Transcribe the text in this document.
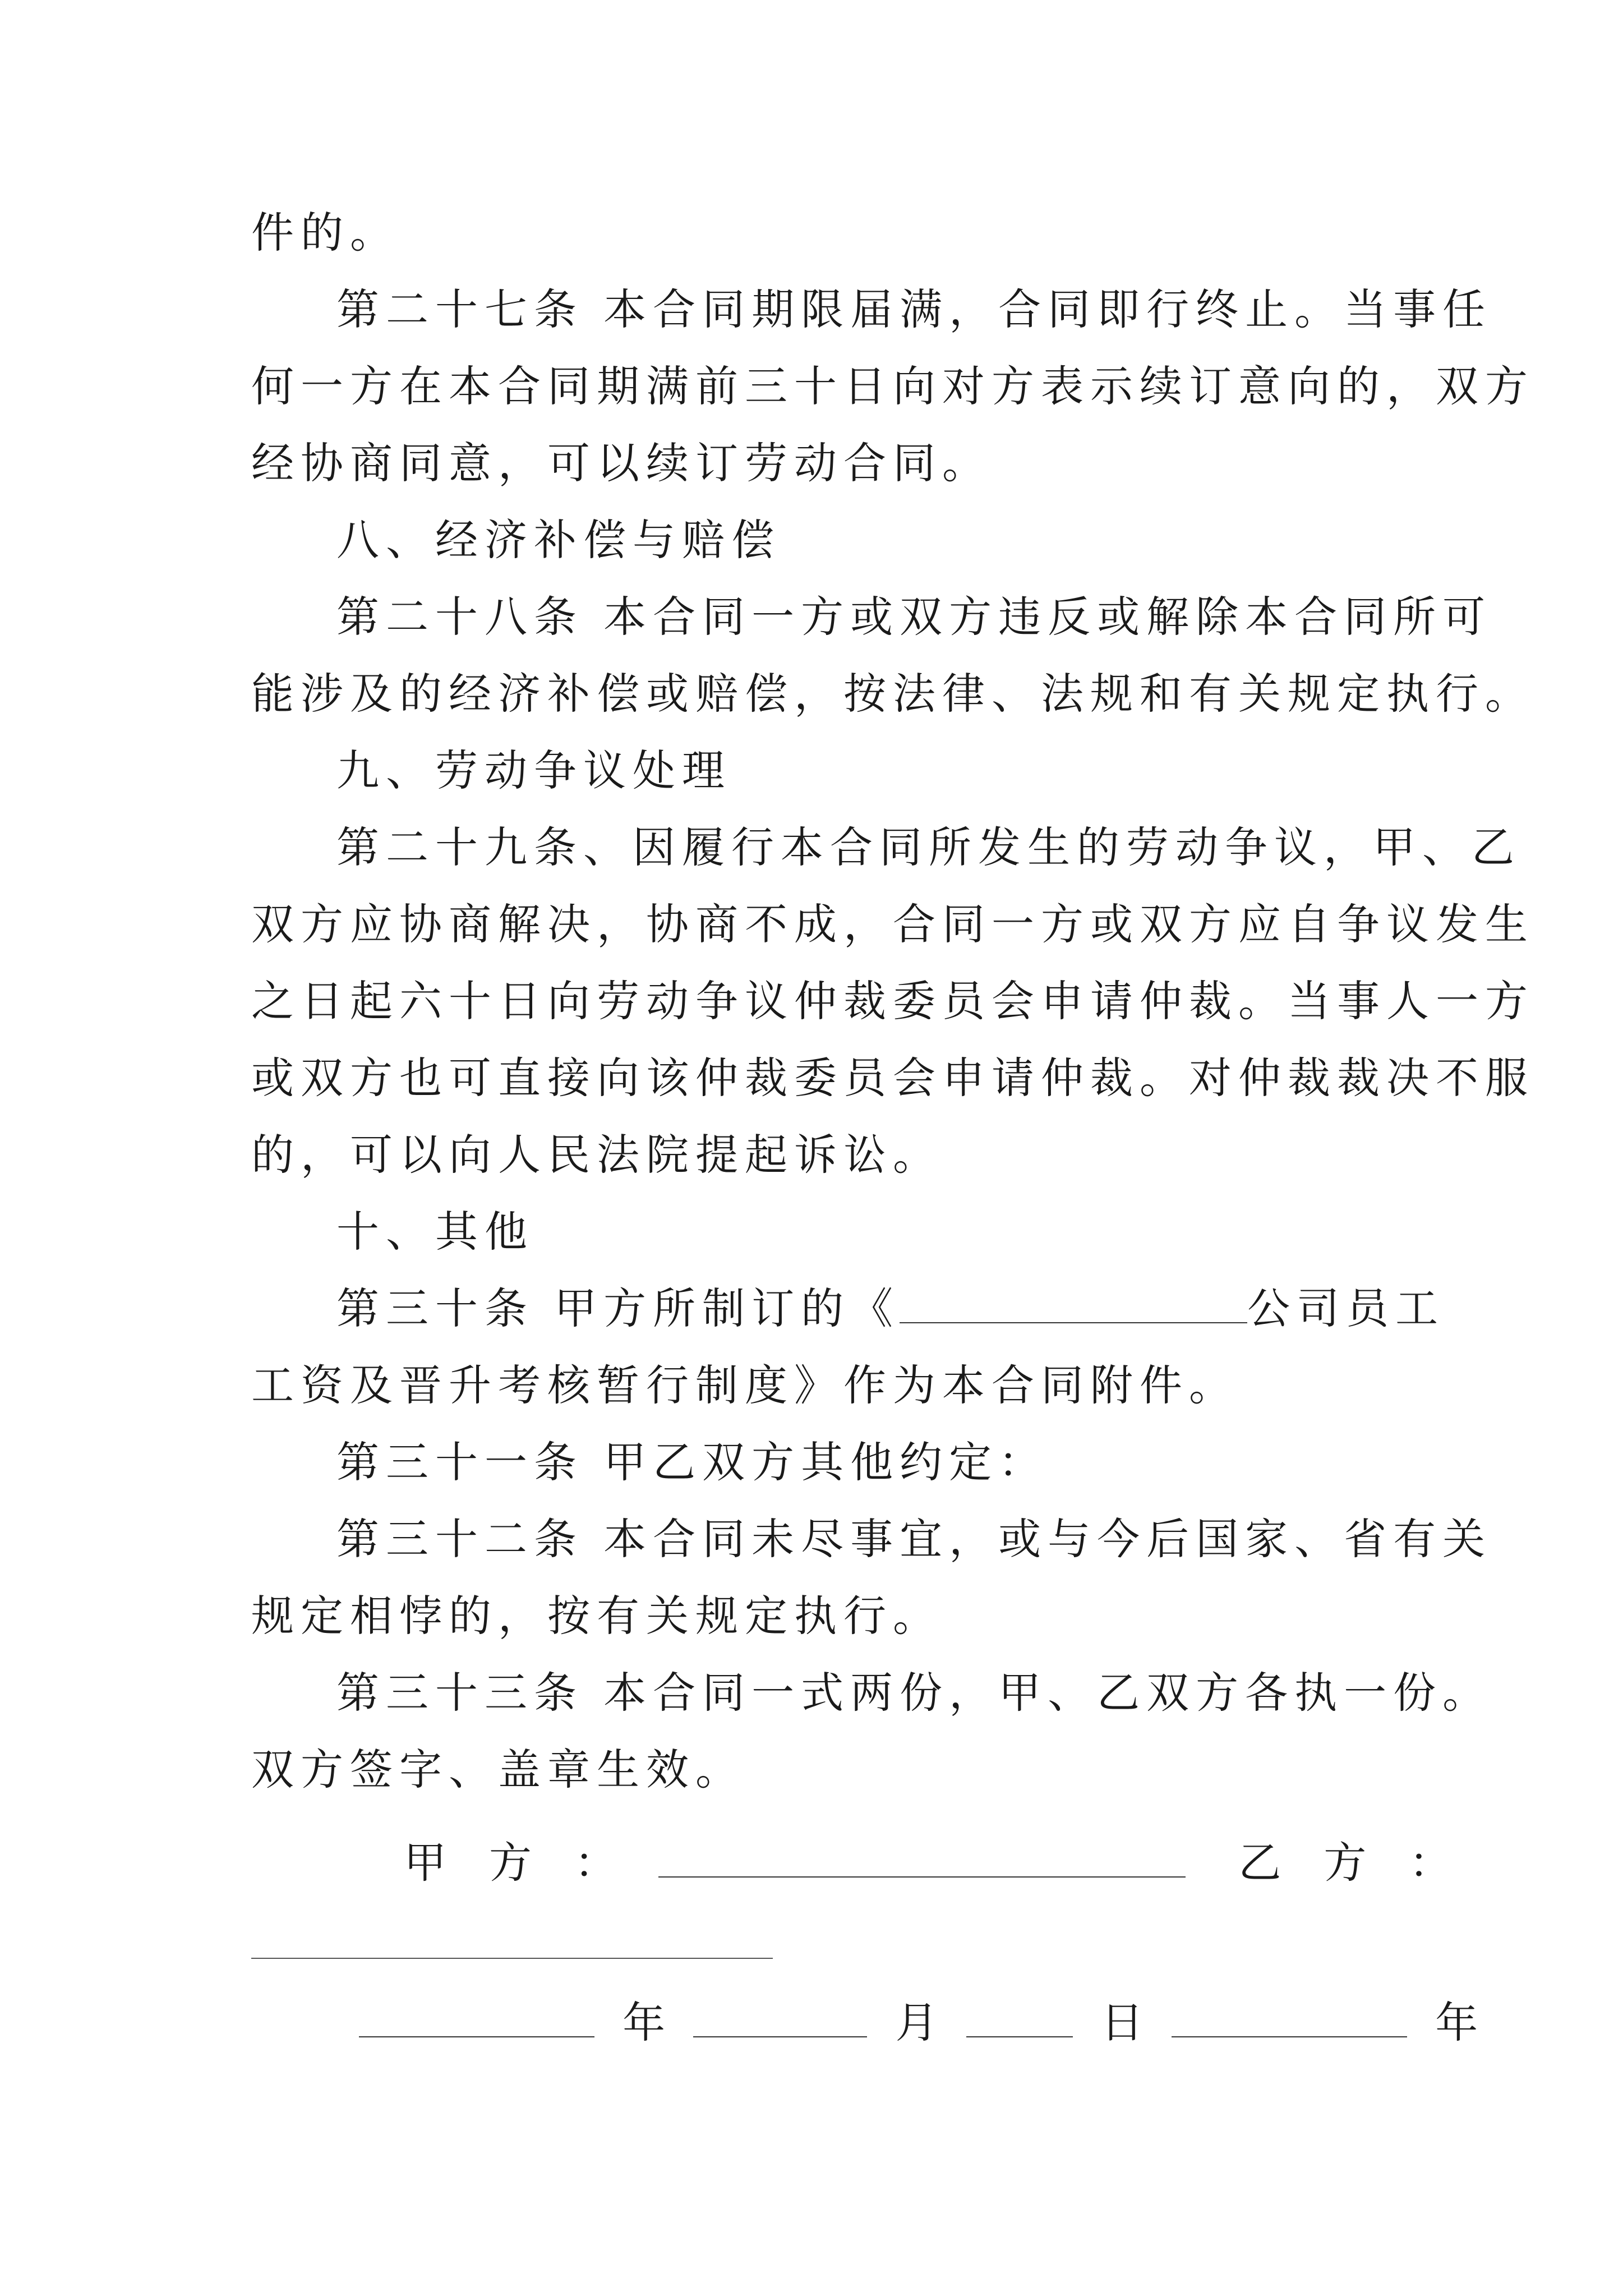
件的。
第二十七条 本合同期限届满，合同即行终止。当事任
何一方在本合同期满前三十日向对方表示续订意向的，双方
经协商同意，可以续订劳动合同。
八、经济补偿与赔偿
第二十八条 本合同一方或双方违反或解除本合同所可
能涉及的经济补偿或赔偿，按法律、法规和有关规定执行。
九、劳动争议处理
第二十九条、因履行本合同所发生的劳动争议，甲、乙
双方应协商解决，协商不成，合同一方或双方应自争议发生
之日起六十日向劳动争议仲裁委员会申请仲裁。当事人一方
或双方也可直接向该仲裁委员会申请仲裁。对仲裁裁决不服
的，可以向人民法院提起诉讼。
十、其他
第三十条 甲方所制订的《	公司员工
工资及晋升考核暂行制度》作为本合同附件。
第三十一条 甲乙双方其他约定：
第三十二条 本合同未尽事宜，或与今后国家、省有关
规定相悖的，按有关规定执行。
第三十三条 本合同一式两份，甲、乙双方各执一份。
双方签字、盖章生效。
甲　方　：	乙　方　：
年	月	日	年
